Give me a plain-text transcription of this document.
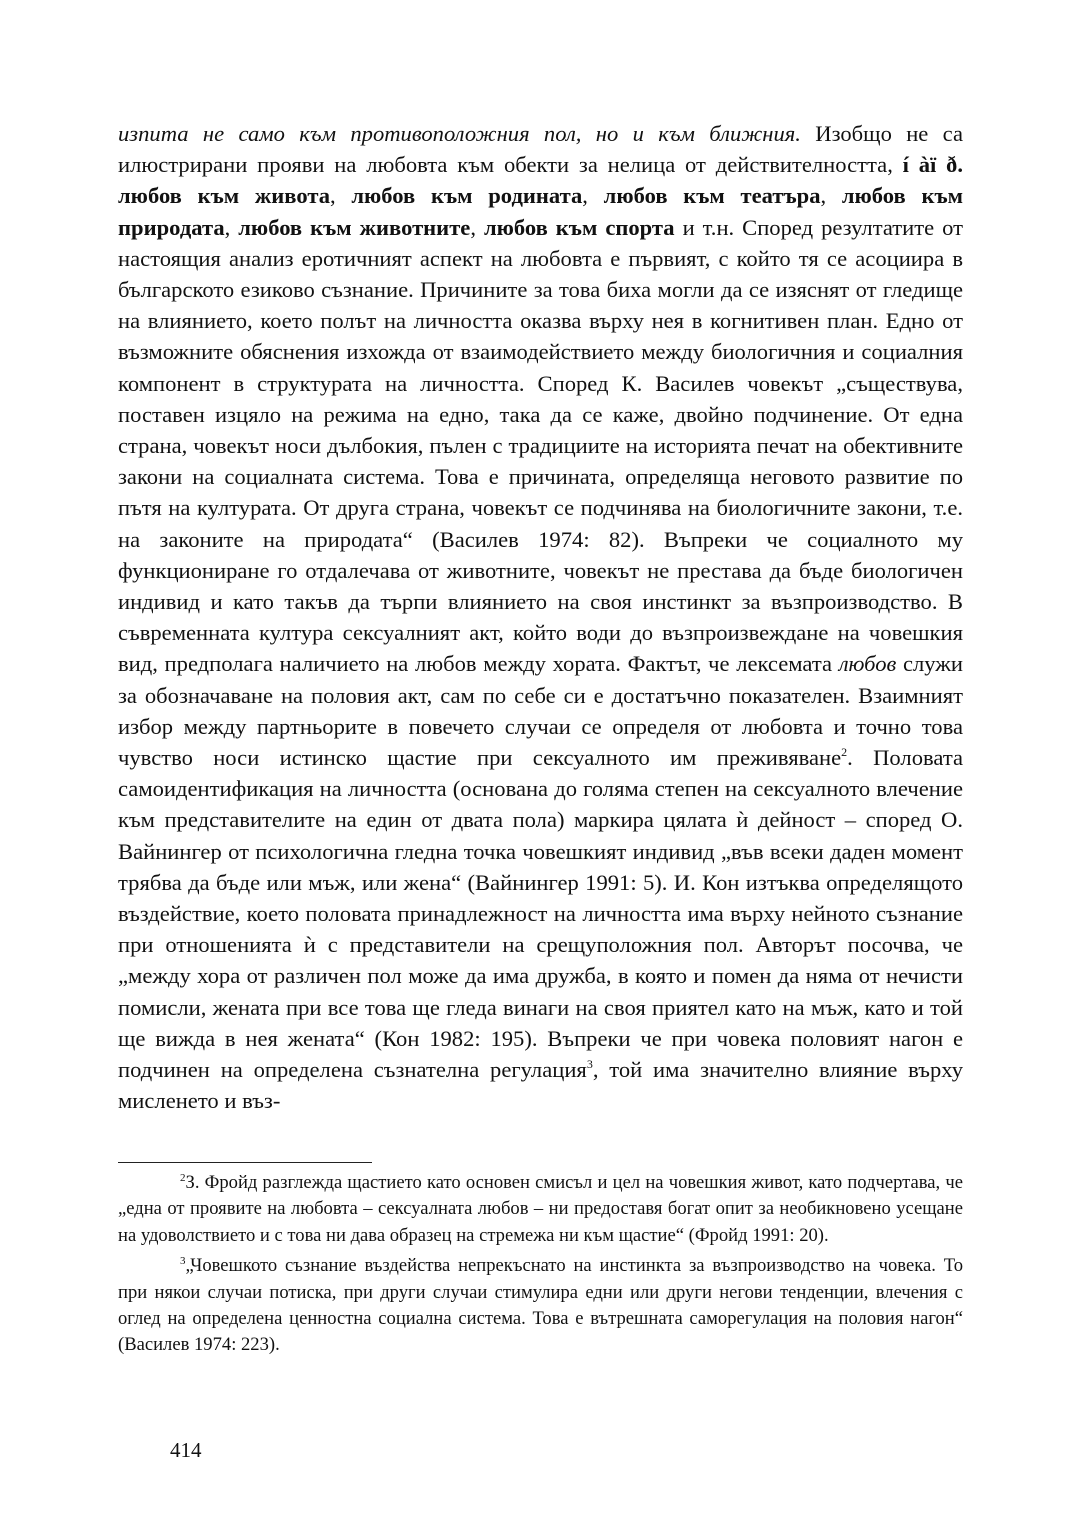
изпита не само към противоположния пол, но и към ближния. Изобщо не са илюстрирани прояви на любовта към обекти за нелица от действителността, í àï ð. любов към живота, любов към родината, любов към театъра, любов към природата, любов към животните, любов към спорта и т.н. Според резултатите от настоящия анализ еротичният аспект на любовта е първият, с който тя се асоциира в българското езиково съзнание. Причините за това биха могли да се изяснят от гледище на влиянието, което полът на личността оказва върху нея в когнитивен план. Едно от възможните обяснения изхожда от взаимодействието между биологичния и социалния компонент в структурата на личността. Според К. Василев човекът „съществува, поставен изцяло на режима на едно, така да се каже, двойно подчинение. От една страна, човекът носи дълбокия, пълен с традициите на историята печат на обективните закони на социалната система. Това е причината, определяща неговото развитие по пътя на културата. От друга страна, човекът се подчинява на биологичните закони, т.е. на законите на природата“ (Василев 1974: 82). Въпреки че социалното му функциониране го отдалечава от животните, човекът не престава да бъде биологичен индивид и като такъв да търпи влиянието на своя инстинкт за възпроизводство. В съвременната култура сексуалният акт, който води до възпроизвеждане на човешкия вид, предполага наличието на любов между хората. Фактът, че лексемата любов служи за обозначаване на половия акт, сам по себе си е достатъчно показателен. Взаимният избор между партньорите в повечето случаи се определя от любовта и точно това чувство носи истинско щастие при сексуалното им преживяване$^2$. Половата самоидентификация на личността (основана до голяма степен на сексуалното влечение към представителите на един от двата пола) маркира цялата ѝ дейност – според О. Вайнингер от психологична гледна точка човешкият индивид „във всеки даден момент трябва да бъде или мъж, или жена“ (Вайнингер 1991: 5). И. Кон изтъква определящото въздействие, което половата принадлежност на личността има върху нейното съзнание при отношенията ѝ с представители на срещуположния пол. Авторът посочва, че „между хора от различен пол може да има дружба, в която и помен да няма от нечисти помисли, жената при все това ще гледа винаги на своя приятел като на мъж, като и той ще вижда в нея жената“ (Кон 1982: 195). Въпреки че при човека половият нагон е подчинен на определена съзнателна регулация$^3$, той има значително влияние върху мисленето и въз-

$^2$З. Фройд разглежда щастието като основен смисъл и цел на човешкия живот, като подчертава, че „една от проявите на любовта – сексуалната любов – ни предоставя богат опит за необикновено усещане на удоволствието и с това ни дава образец на стремежа ни към щастие“ (Фройд 1991: 20).

$^3$„Човешкото съзнание въздейства непрекъснато на инстинкта за възпроизводство на човека. То при някои случаи потиска, при други случаи стимулира едни или други негови тенденции, влечения с оглед на определена ценностна социална система. Това е вътрешната саморегулация на половия нагон“ (Василев 1974: 223).

414
